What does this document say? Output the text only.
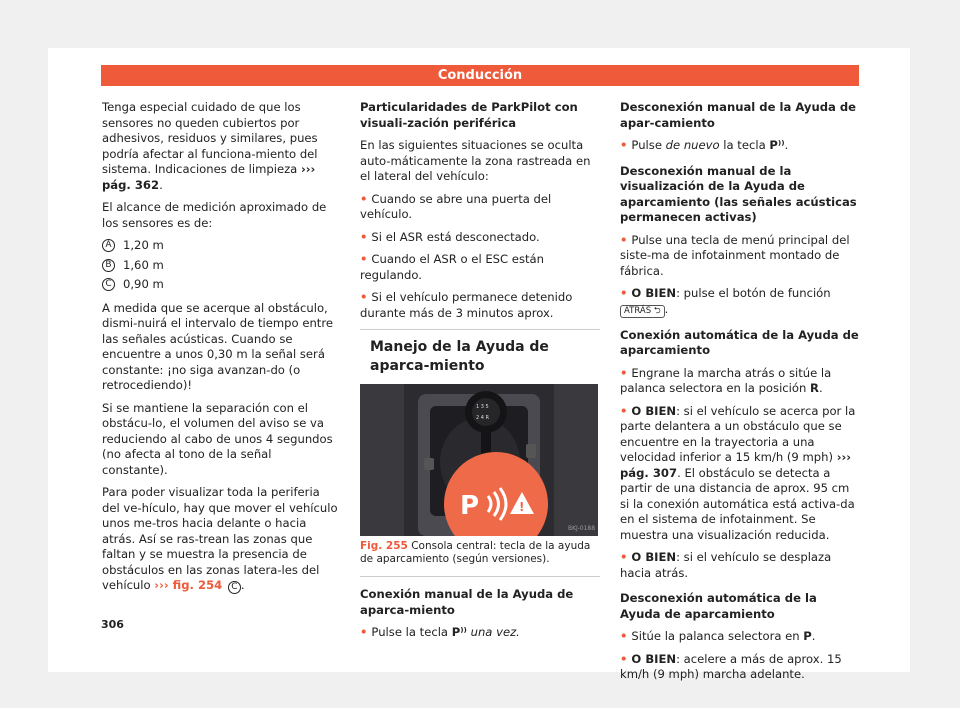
Conducción

Tenga especial cuidado de que los sensores no queden cubiertos por adhesivos, residuos y similares, pues podría afectar al funciona-miento del sistema. Indicaciones de limpieza ››› pág. 362.

El alcance de medición aproximado de los sensores es de:

A 1,20 m
B 1,60 m
C 0,90 m

A medida que se acerque al obstáculo, dismi-nuirá el intervalo de tiempo entre las señales acústicas. Cuando se encuentre a unos 0,30 m la señal será constante: ¡no siga avanzan-do (o retrocediendo)!

Si se mantiene la separación con el obstácu-lo, el volumen del aviso se va reduciendo al cabo de unos 4 segundos (no afecta al tono de la señal constante).

Para poder visualizar toda la periferia del ve-hículo, hay que mover el vehículo unos me-tros hacia delante o hacia atrás. Así se ras-trean las zonas que faltan y se muestra la presencia de obstáculos en las zonas latera-les del vehículo ››› fig. 254 C .

Particularidades de ParkPilot con visuali-zación periférica

En las siguientes situaciones se oculta auto-máticamente la zona rastreada en el lateral del vehículo:

• Cuando se abre una puerta del vehículo.

• Si el ASR está desconectado.

• Cuando el ASR o el ESC están regulando.

• Si el vehículo permanece detenido durante más de 3 minutos aprox.

Manejo de la Ayuda de aparca-miento
1 3 5
2 4 R
P	!
BKJ-0188
Fig. 255 Consola central: tecla de la ayuda de aparcamiento (según versiones).

Conexión manual de la Ayuda de aparca-miento

• Pulse la tecla P⁾⁾ una vez.

Desconexión manual de la Ayuda de apar-camiento

• Pulse de nuevo la tecla P⁾⁾.

Desconexión manual de la visualización de la Ayuda de aparcamiento (las señales acústicas permanecen activas)

• Pulse una tecla de menú principal del siste-ma de infotainment montado de fábrica.

• O BIEN: pulse el botón de función ATRÁS ⮌ .

Conexión automática de la Ayuda de aparcamiento

• Engrane la marcha atrás o sitúe la palanca selectora en la posición R.

• O BIEN: si el vehículo se acerca por la parte delantera a un obstáculo que se encuentre en la trayectoria a una velocidad inferior a 15 km/h (9 mph) ››› pág. 307. El obstáculo se detecta a partir de una distancia de aprox. 95 cm si la conexión automática está activa-da en el sistema de infotainment. Se muestra una visualización reducida.

• O BIEN: si el vehículo se desplaza hacia atrás.

Desconexión automática de la Ayuda de aparcamiento

• Sitúe la palanca selectora en P.

• O BIEN: acelere a más de aprox. 15 km/h (9 mph) marcha adelante.

306
